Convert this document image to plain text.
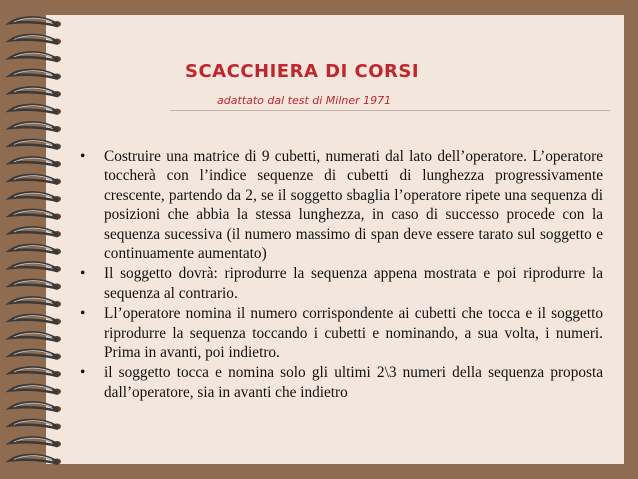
SCACCHIERA DI CORSI
adattato dal test di Milner 1971
• Costruire una matrice di 9 cubetti, numerati dal lato dell’operatore. L’operatore toccherà con l’indice sequenze di cubetti di lunghezza progressivamente crescente, partendo da 2, se il soggetto sbaglia l’operatore ripete una sequenza di posizioni che abbia la stessa lunghezza, in caso di successo procede con la sequenza sucessiva (il numero massimo di span deve essere tarato sul soggetto e continuamente aumentato)
• Il soggetto dovrà: riprodurre la sequenza appena mostrata e poi riprodurre la sequenza al contrario.
• Ll’operatore nomina il numero corrispondente ai cubetti che tocca e il soggetto riprodurre la sequenza toccando i cubetti e nominando, a sua volta, i numeri. Prima in avanti, poi indietro.
• il soggetto tocca e nomina solo gli ultimi 2\3 numeri della sequenza proposta dall’operatore, sia in avanti che indietro
